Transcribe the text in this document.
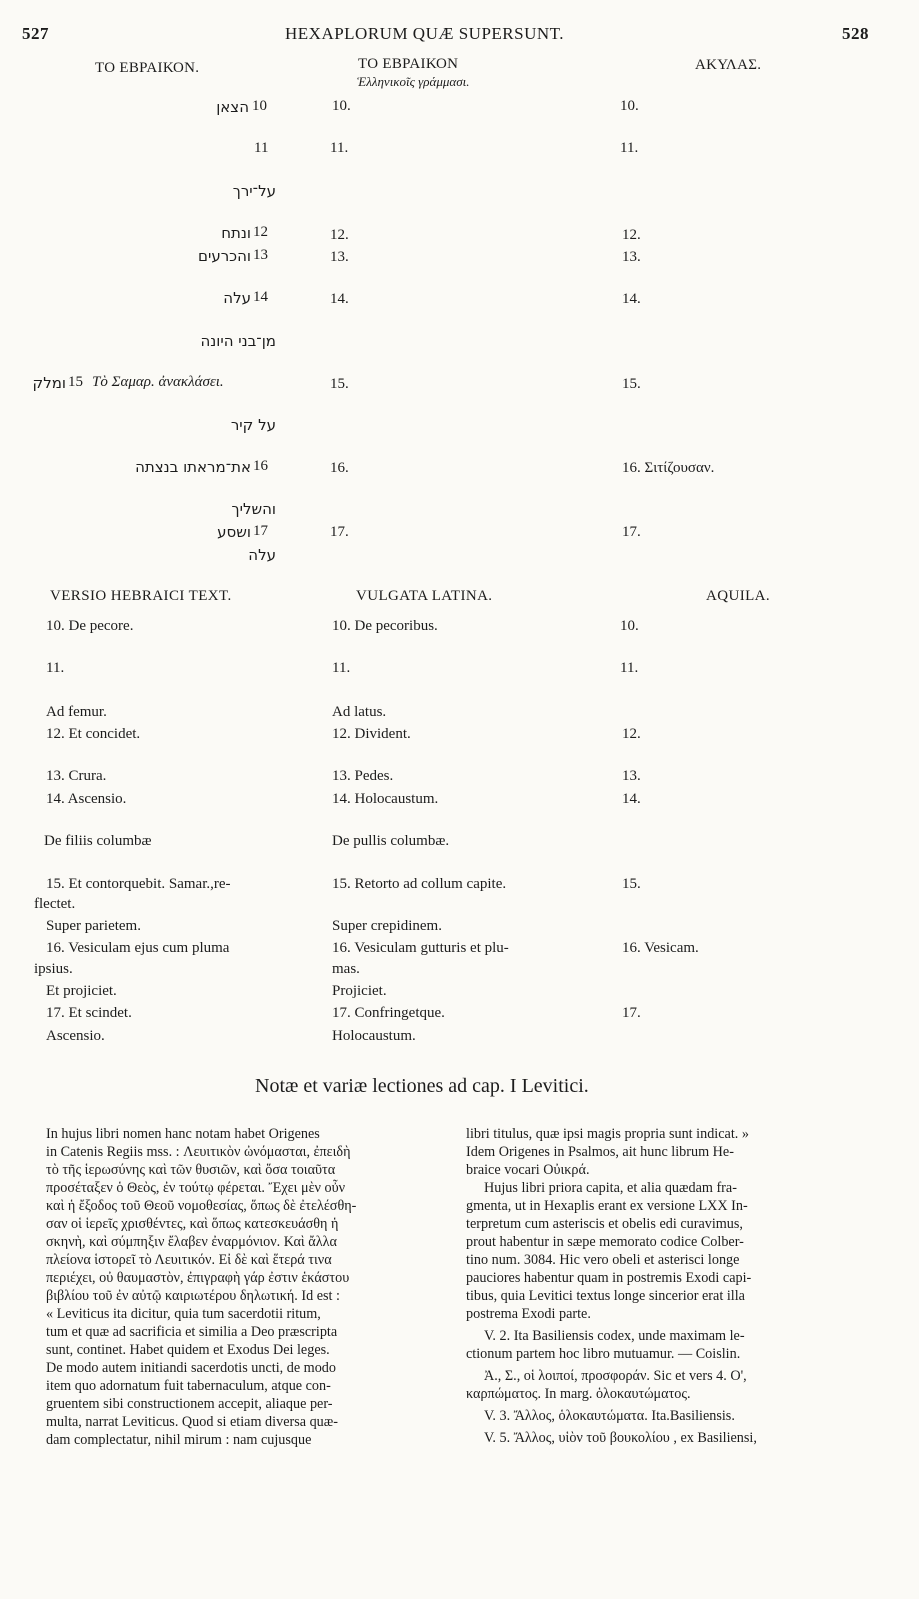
527	HEXAPLORUM QUÆ SUPERSUNT.	528
ΤΟ ΕΒΡΑΙΚΟΝ.	ΤΟ ΕΒΡΑΙΚΟΝ
Ἑλληνικοῖς γράμμασι.
ΑΚΥΛΑΣ.
הצאן 10	10.	10.
11	11.	11.
על־ירך
ונתח 12	12.	12.
והכרעים 13	13.	13.
עלה 14	14.	14.
מן־בני היונה
ומלק 15 Τὸ Σαμαρ. ἀνακλάσει.	15.	15.
על קיר
את־מראתו בנצתה 16	16.	16. Σιτίζουσαν.
והשליך
ושסע 17	17.	17.
עלה
VERSIO HEBRAICI TEXT.	VULGATA LATINA.	AQUILA.
10. De pecore.	10. De pecoribus.	10.
11.	11.	11.
Ad femur.	Ad latus.
12. Et concidet.	12. Divident.	12.
13. Crura.	13. Pedes.	13.
14. Ascensio.	14. Holocaustum.	14.
De filiis columbæ	De pullis columbæ.
15. Et contorquebit. Samar.,re-	15. Retorto ad collum capite.	15.
flectet.
Super parietem.	Super crepidinem.
16. Vesiculam ejus cum pluma	16. Vesiculam gutturis et plu-	16. Vesicam.
ipsius.	mas.
Et projiciet.	Projiciet.
17. Et scindet.	17. Confringetque.	17.
Ascensio.	Holocaustum.
Notæ et variæ lectiones ad cap. I Levitici.

In hujus libri nomen hanc notam habet Origenes

in Catenis Regiis mss. : Λευιτικὸν ὠνόμασται, ἐπειδὴ

τὸ τῆς ἱερωσύνης καὶ τῶν θυσιῶν, καὶ ὅσα τοιαῦτα

προσέταξεν ὁ Θεὸς, ἐν τούτῳ φέρεται. Ἔχει μὲν οὖν

καὶ ἡ ἔξοδος τοῦ Θεοῦ νομοθεσίας, ὅπως δὲ ἐτελέσθη-

σαν οἱ ἱερεῖς χρισθέντες, καὶ ὅπως κατεσκευάσθη ἡ

σκηνὴ, καὶ σύμπηξιν ἔλαβεν ἐναρμόνιον. Καὶ ἄλλα

πλείονα ἱστορεῖ τὸ Λευιτικόν. Εἰ δὲ καὶ ἕτερά τινα

περιέχει, οὐ θαυμαστὸν, ἐπιγραφὴ γάρ ἐστιν ἑκάστου

βιβλίου τοῦ ἐν αὐτῷ καιριωτέρου δηλωτική. Id est :

« Leviticus ita dicitur, quia tum sacerdotii ritum,

tum et quæ ad sacrificia et similia a Deo præscripta

sunt, continet. Habet quidem et Exodus Dei leges.

De modo autem initiandi sacerdotis uncti, de modo

item quo adornatum fuit tabernaculum, atque con-

gruentem sibi constructionem accepit, aliaque per-

multa, narrat Leviticus. Quod si etiam diversa quæ-

dam complectatur, nihil mirum : nam cujusque

libri titulus, quæ ipsi magis propria sunt indicat. »

Idem Origenes in Psalmos, ait hunc librum He-

braice vocari Οὐικρά.

Hujus libri priora capita, et alia quædam fra-

gmenta, ut in Hexaplis erant ex versione LXX In-

terpretum cum asteriscis et obelis edi curavimus,

prout habentur in sæpe memorato codice Colber-

tino num. 3084. Hic vero obeli et asterisci longe

pauciores habentur quam in postremis Exodi capi-

tibus, quia Levitici textus longe sincerior erat illa

postrema Exodi parte.

V. 2. Ita Basiliensis codex, unde maximam le-

ctionum partem hoc libro mutuamur. — Coislin.

Ἀ., Σ., οἱ λοιποί, προσφοράν. Sic et vers 4. Ο',

καρπώματος. In marg. ὁλοκαυτώματος.

V. 3. Ἄλλος, ὁλοκαυτώματα. Ita.Basiliensis.

V. 5. Ἄλλος, υἱὸν τοῦ βουκολίου , ex Basiliensi,
